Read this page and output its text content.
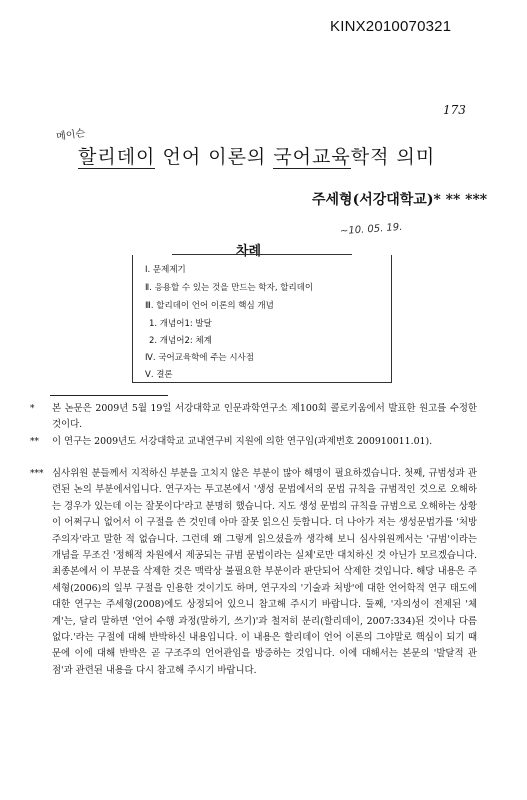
KINX2010070321
173
메이슨
할리데이 언어 이론의 국어교육학적 의미
주세형(서강대학교)* ** ***
~10. 05. 19.
차례
Ⅰ. 문제제기
Ⅱ. 응용할 수 있는 것을 만드는 학자, 할리데이
Ⅲ. 할리데이 언어 이론의 핵심 개념
1. 개념어1: 발달
2. 개념어2: 체계
Ⅳ. 국어교육학에 주는 시사점
Ⅴ. 결론
* 본 논문은 2009년 5월 19일 서강대학교 인문과학연구소 제100회 콜로키움에서 발표한 원고를 수정한 것이다.
** 이 연구는 2009년도 서강대학교 교내연구비 지원에 의한 연구임(과제번호 200910011.01).
*** 심사위원 분들께서 지적하신 부분을 고치지 않은 부분이 많아 해명이 필요하겠습니다. 첫째, 규범성과 관련된 논의 부분에서입니다. 연구자는 투고본에서 '생성 문법에서의 문법 규칙을 규범적인 것으로 오해하는 경우가 있는데 이는 잘못이다'라고 분명히 했습니다. 지도 생성 문법의 규칙을 규범으로 오해하는 상황이 어쩌구니 없어서 이 구절을 쓴 것인데 아마 잘못 읽으신 듯합니다. 더 나아가 저는 생성문법가를 '처방주의자'라고 말한 적 없습니다. 그런데 왜 그렇게 읽으셨을까 생각해 보니 심사위원께서는 '규범'이라는 개념을 무조건 '정해적 차원에서 제공되는 규범 문법이라는 실체'로만 대치하신 것 아닌가 모르겠습니다. 최종본에서 이 부분을 삭제한 것은 맥락상 불필요한 부분이라 판단되어 삭제한 것입니다. 해당 내용은 주세형(2006)의 일부 구절을 인용한 것이기도 하며, 연구자의 '기술과 처방'에 대한 언어학적 연구 태도에 대한 연구는 주세형(2008)에도 상정되어 있으니 참고해 주시기 바랍니다. 둘째, '자의성이 전제된 '체계'는, 달리 말하면 '언어 수행 과정(말하기, 쓰기)'과 철저히 분리(할리데이, 2007:334)된 것이나 다름없다.'라는 구절에 대해 반박하신 내용입니다. 이 내용은 할리데이 언어 이론의 그야말로 핵심이 되기 때문에 이에 대해 반박은 곧 구조주의 언어관임을 방증하는 것입니다. 이에 대해서는 본문의 '발달적 관점'과 관련된 내용을 다시 참고해 주시기 바랍니다.
